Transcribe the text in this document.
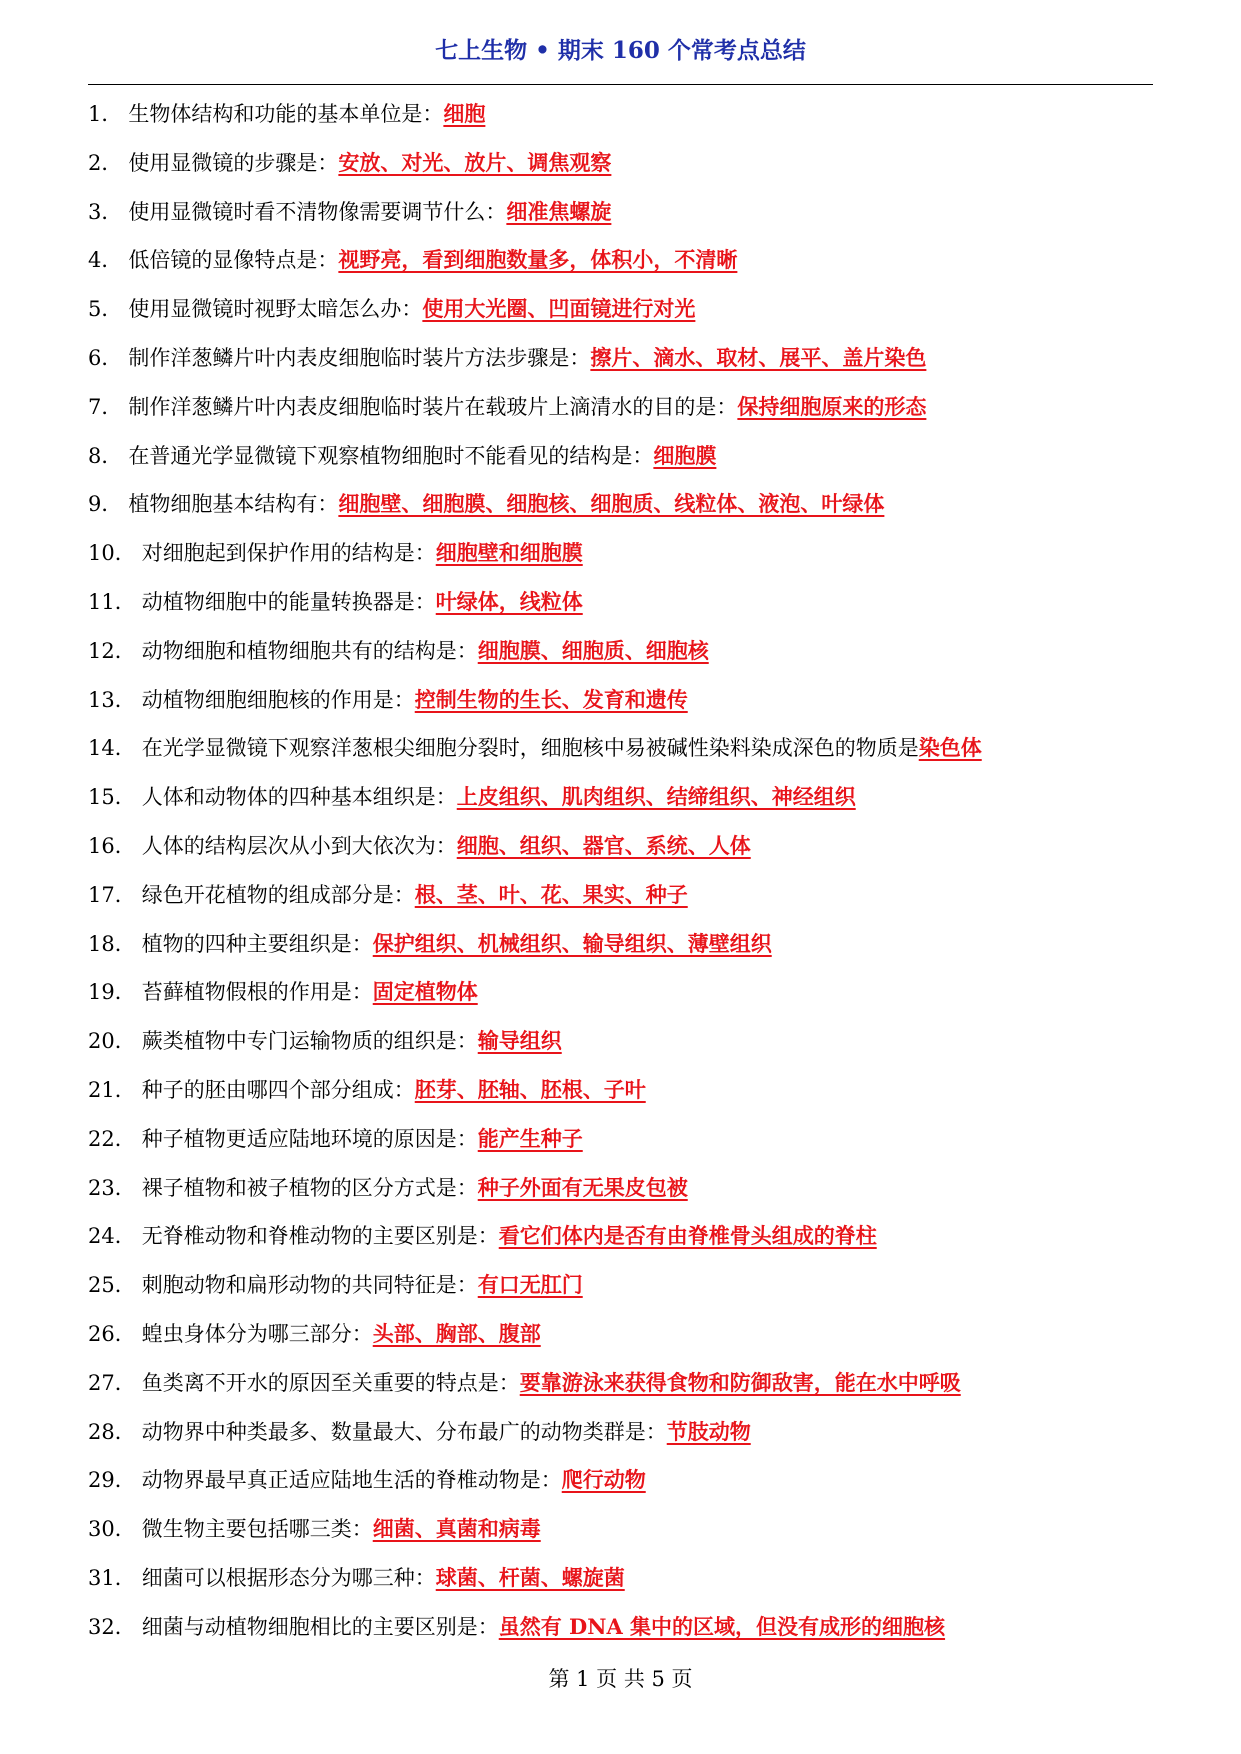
七上生物 • 期末 160 个常考点总结
1． 生物体结构和功能的基本单位是：细胞
2． 使用显微镜的步骤是：安放、对光、放片、调焦观察
3． 使用显微镜时看不清物像需要调节什么：细准焦螺旋
4． 低倍镜的显像特点是：视野亮，看到细胞数量多，体积小，不清晰
5． 使用显微镜时视野太暗怎么办：使用大光圈、凹面镜进行对光
6． 制作洋葱鳞片叶内表皮细胞临时装片方法步骤是：擦片、滴水、取材、展平、盖片染色
7． 制作洋葱鳞片叶内表皮细胞临时装片在载玻片上滴清水的目的是：保持细胞原来的形态
8． 在普通光学显微镜下观察植物细胞时不能看见的结构是：细胞膜
9． 植物细胞基本结构有：细胞壁、细胞膜、细胞核、细胞质、线粒体、液泡、叶绿体
10． 对细胞起到保护作用的结构是：细胞壁和细胞膜
11． 动植物细胞中的能量转换器是：叶绿体，线粒体
12． 动物细胞和植物细胞共有的结构是：细胞膜、细胞质、细胞核
13． 动植物细胞细胞核的作用是：控制生物的生长、发育和遗传
14． 在光学显微镜下观察洋葱根尖细胞分裂时，细胞核中易被碱性染料染成深色的物质是染色体
15． 人体和动物体的四种基本组织是：上皮组织、肌肉组织、结缔组织、神经组织
16． 人体的结构层次从小到大依次为：细胞、组织、器官、系统、人体
17． 绿色开花植物的组成部分是：根、茎、叶、花、果实、种子
18． 植物的四种主要组织是：保护组织、机械组织、输导组织、薄壁组织
19． 苔藓植物假根的作用是：固定植物体
20． 蕨类植物中专门运输物质的组织是：输导组织
21． 种子的胚由哪四个部分组成：胚芽、胚轴、胚根、子叶
22． 种子植物更适应陆地环境的原因是：能产生种子
23． 裸子植物和被子植物的区分方式是：种子外面有无果皮包被
24． 无脊椎动物和脊椎动物的主要区别是：看它们体内是否有由脊椎骨头组成的脊柱
25． 刺胞动物和扁形动物的共同特征是：有口无肛门
26． 蝗虫身体分为哪三部分：头部、胸部、腹部
27． 鱼类离不开水的原因至关重要的特点是：要靠游泳来获得食物和防御敌害，能在水中呼吸
28． 动物界中种类最多、数量最大、分布最广的动物类群是：节肢动物
29． 动物界最早真正适应陆地生活的脊椎动物是：爬行动物
30． 微生物主要包括哪三类：细菌、真菌和病毒
31． 细菌可以根据形态分为哪三种：球菌、杆菌、螺旋菌
32． 细菌与动植物细胞相比的主要区别是：虽然有 DNA 集中的区域，但没有成形的细胞核
第 1 页 共 5 页
